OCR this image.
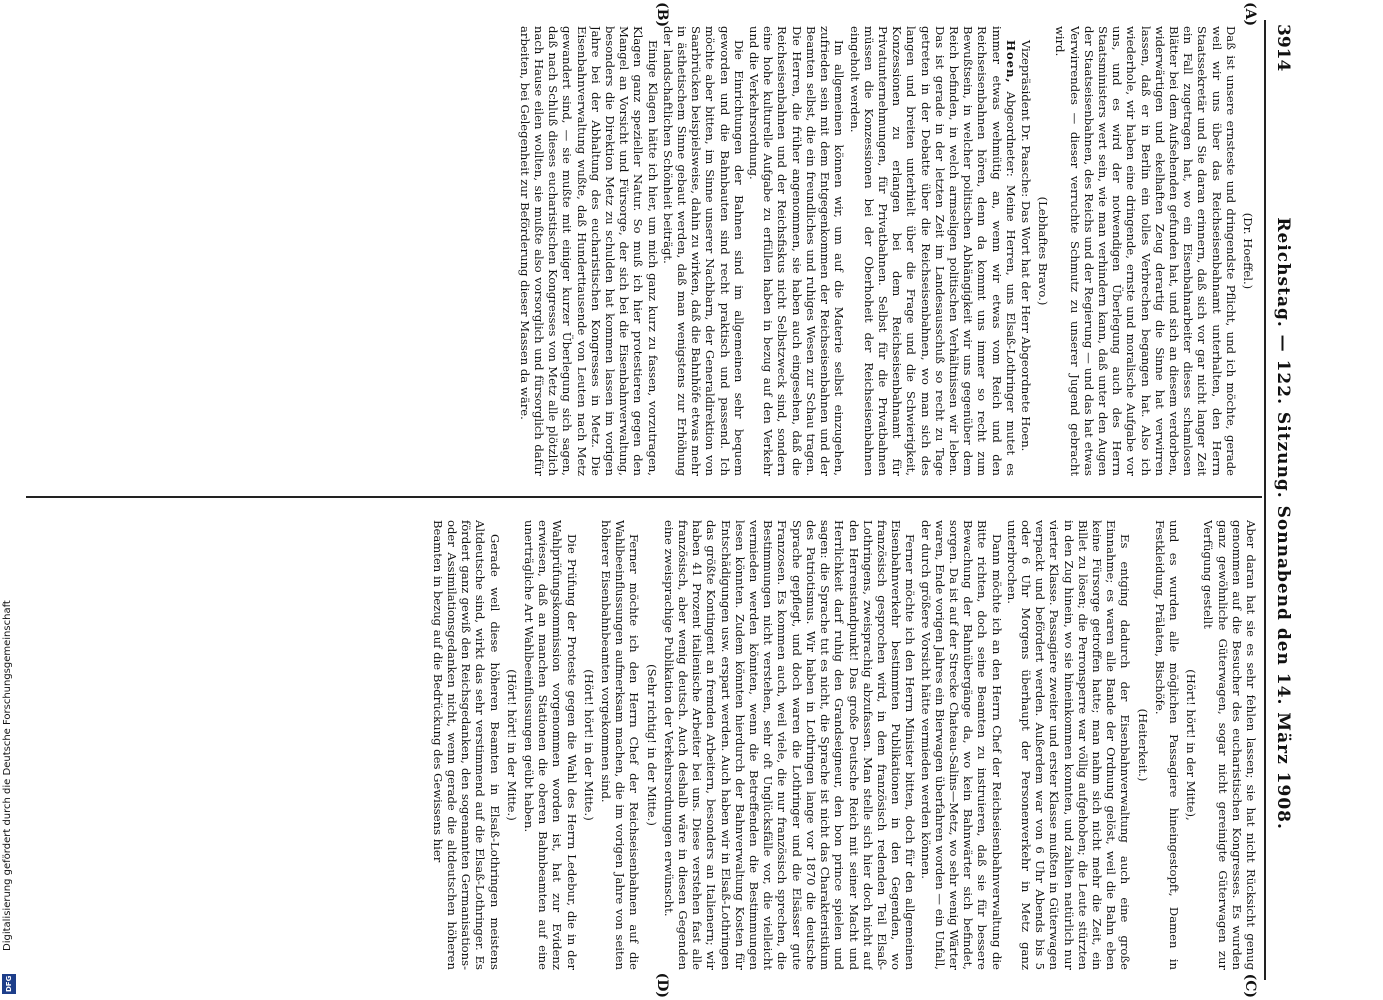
3914
Reichstag. — 122. Sitzung. Sonnabend den 14. März 1908.
(A)
(B)
(C)
(D)

(Dr. Hoeffel.)

Daß ist unsere ernsteste und dringendste Pflicht, und ich möchte, gerade weil wir uns über das Reichseisenbahnamt unterhalten, den Herrn Staatssekretär und Sie daran erinnern, daß sich vor gar nicht langer Zeit ein Fall zugetragen hat, wo ein Eisenbahnarbeiter dieses schamlosen Blätter bei dem Aufsehenden gefunden hat, und sich an diesem verdorben, widerwärtigen und ekelhaften Zeug derartig die Sinne hat verwirren lassen, daß er in Berlin ein tolles Verbrechen begangen hat. Also ich wiederhole, wir haben eine dringende, ernste und moralische Aufgabe vor uns, und es wird der notwendigen Überlegung auch des Herrn Staatsministers wert sein, wie man verhindern kann, daß unter den Augen der Staatseisenbahnen, des Reichs und der Regierung — und das hat etwas Verwirrendes — dieser verruchte Schmutz zu unserer Jugend gebracht wird.

(Lebhaftes Bravo.)

Vizepräsident Dr. Paasche: Das Wort hat der Herr Abgeordnete Hoen.

Hoen, Abgeordneter: Meine Herren, uns Elsaß-Lothringer mutet es immer etwas wehmütig an, wenn wir etwas vom Reich und den Reichseisenbahnen hören, denn da kommt uns immer so recht zum Bewußtsein, in welcher politischen Abhängigkeit wir uns gegenüber dem Reich befinden, in welch armseligen politischen Verhältnissen wir leben. Das ist gerade in der letzten Zeit im Landesausschuß so recht zu Tage getreten in der Debatte über die Reichseisenbahnen, wo man sich des langen und breiten unterhielt über die Frage und die Schwierigkeit, Konzessionen zu erlangen bei dem Reichseisenbahnamt für Privatunternehmungen, für Privatbahnen. Selbst für die Privatbahnen müssen die Konzessionen bei der Oberhoheit der Reichseisenbahnen eingeholt werden.

Im allgemeinen können wir, um auf die Materie selbst einzugehen, zufrieden sein mit dem Entgegenkommen der Reichseisenbahnen und der Beamten selbst, die ein freundliches und ruhiges Wesen zur Schau tragen. Die Herren, die früher angenommen, sie haben auch eingesehen, daß die Reichseisenbahnen und der Reichsfiskus nicht Selbstzweck sind, sondern eine hohe kulturelle Aufgabe zu erfüllen haben in bezug auf den Verkehr und die Verkehrsordnung.

Die Einrichtungen der Bahnen sind im allgemeinen sehr bequem geworden und die Bahnbauten sind recht praktisch und passend. Ich möchte aber bitten, im Sinne unserer Nachbarn, der Generaldirektion von Saarbrücken beispielsweise, dahin zu wirken, daß die Bahnhöfe etwas mehr in ästhetischem Sinne gebaut werden, daß man wenigstens zur Erhöhung der landschaftlichen Schönheit beiträgt.

Einige Klagen hätte ich hier, um mich ganz kurz zu fassen, vorzutragen, Klagen ganz spezieller Natur. So muß ich hier protestieren gegen den Mangel an Vorsicht und Fürsorge, der sich bei die Eisenbahnverwaltung, besonders die Direktion Metz zu schulden hat kommen lassen im vorigen Jahre bei der Abhaltung des eucharistischen Kongresses in Metz. Die Eisenbahnverwaltung wußte, daß Hunderttausende von Leuten nach Metz gewandert sind, — sie mußte mit einiger kurzer Überlegung sich sagen, daß nach Schluß dieses eucharistischen Kongresses von Metz alle plötzlich nach Hause eilen wollten, sie mußte also vorsorglich und fürsorglich dafür arbeiten, bei Gelegenheit zur Beförderung dieser Massen da wäre.

Aber daran hat sie es sehr fehlen lassen; sie hat nicht Rücksicht genug genommen auf die Besucher des eucharistischen Kongresses. Es wurden ganz gewöhnliche Güterwagen, sogar nicht gereinigte Güterwagen zur Verfügung gestellt

(Hört! hört! in der Mitte),

und es wurden alle möglichen Passagiere hineingestopft, Damen in Festkleidung, Prälaten, Bischöfe.

(Heiterkeit.)

Es entging dadurch der Eisenbahnverwaltung auch eine große Einnahme; es waren alle Bande der Ordnung gelöst, weil die Bahn eben keine Fürsorge getroffen hatte; man nahm sich nicht mehr die Zeit, ein Billet zu lösen; die Perronsperre war völlig aufgehoben; die Leute stürzten in den Zug hinein, wo sie hineinkommen konnten, und zahlten natürlich nur vierter Klasse. Passagiere zweiter und erster Klasse mußten in Güterwagen verpackt und befördert werden. Außerdem war von 6 Uhr Abends bis 5 oder 6 Uhr Morgens überhaupt der Personenverkehr in Metz ganz unterbrochen.

Dann möchte ich an den Herrn Chef der Reichseisenbahnverwaltung die Bitte richten, doch seine Beamten zu instruieren, daß sie für bessere Bewachung der Bahnübergänge da, wo kein Bahnwärter sich befindet, sorgen. Da ist auf der Strecke Chateau-Salins—Metz, wo sehr wenig Wärter waren, Ende vorigen Jahres ein Bierwagen überfahren worden — ein Unfall, der durch größere Vorsicht hätte vermieden werden können.

Ferner möchte ich den Herrn Minister bitten, doch für den allgemeinen Eisenbahnverkehr bestimmten Publikationen in den Gegenden, wo französisch gesprochen wird, in dem französisch redenden Teil Elsaß-Lothringens, zweisprachig abzufassen. Man stelle sich hier doch nicht auf den Herrenstandpunkt! Das große Deutsche Reich mit seiner Macht und Herrlichkeit darf ruhig den Grandseigneur, den bon prince spielen und sagen: die Sprache tut es nicht, die Sprache ist nicht das Charakteristikum des Patriotismus. Wir haben in Lothringen lange vor 1870 die deutsche Sprache gepflegt, und doch waren die Lothringer und die Elsässer gute Franzosen. Es kommen auch, weil viele, die nur französisch sprechen, die Bestimmungen nicht verstehen, sehr oft Unglücksfälle vor, die vielleicht vermieden werden könnten, wenn die Betreffenden die Bestimmungen lesen könnten. Zudem könnten hierdurch der Bahnverwaltung Kosten für Entschädigungen usw. erspart werden. Auch haben wir in Elsaß-Lothringen das größte Kontingent an fremden Arbeitern, besonders an Italienern; wir haben 41 Prozent italienische Arbeiter bei uns. Diese verstehen fast alle französisch, aber wenig deutsch. Auch deshalb wäre in diesen Gegenden eine zweisprachige Publikation der Verkehrsordnungen erwünscht.

(Sehr richtig! in der Mitte.)

Ferner möchte ich den Herrn Chef der Reichseisenbahnen auf die Wahlbeeinflussungen aufmerksam machen, die im vorigen Jahre von seiten höherer Eisenbahnbeamten vorgekommen sind.

(Hört! hört! in der Mitte.)

Die Prüfung der Proteste gegen die Wahl des Herrn Ledebur, die in der Wahlprüfungskommission vorgenommen worden ist, hat zur Evidenz erwiesen, daß an manchen Stationen die oberen Bahnbeamten auf eine unerträgliche Art Wahlbeeinflussungen geübt haben.

(Hört! hört! in der Mitte.)

Gerade weil diese höheren Beamten in Elsaß-Lothringen meistens Altdeutsche sind, wirkt das sehr verstimmend auf die Elsaß-Lothringer. Es fördert ganz gewiß den Reichsgedanken, den sogenannten Germanisations- oder Assimilationsgedanken nicht, wenn gerade die altdeutschen höheren Beamten in bezug auf die Bedrückung des Gewissens hier

Digitalisierung gefördert durch die Deutsche Forschungsgemeinschaft
DFG
